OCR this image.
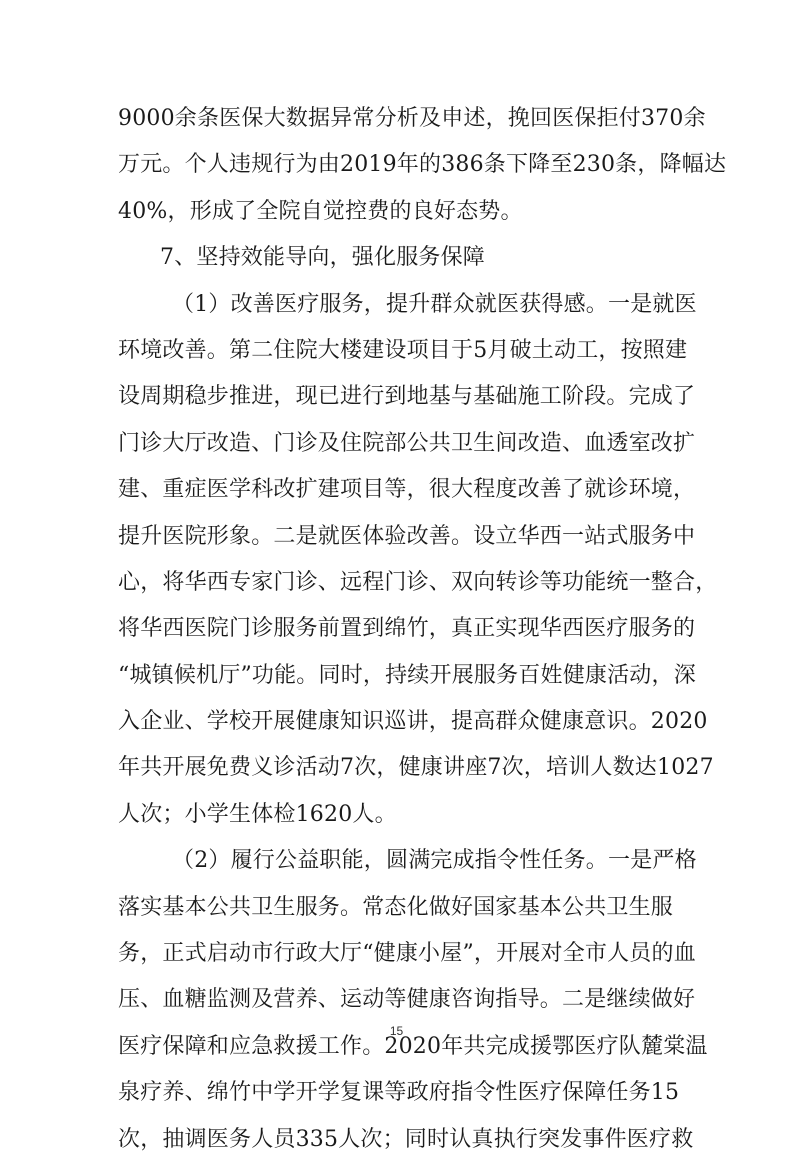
9000余条医保大数据异常分析及申述，挽回医保拒付370余
万元。个人违规行为由2019年的386条下降至230条，降幅达
40%，形成了全院自觉控费的良好态势。
7、坚持效能导向，强化服务保障
（1）改善医疗服务，提升群众就医获得感。一是就医
环境改善。第二住院大楼建设项目于5月破土动工，按照建
设周期稳步推进，现已进行到地基与基础施工阶段。完成了
门诊大厅改造、门诊及住院部公共卫生间改造、血透室改扩
建、重症医学科改扩建项目等，很大程度改善了就诊环境，
提升医院形象。二是就医体验改善。设立华西一站式服务中
心，将华西专家门诊、远程门诊、双向转诊等功能统一整合，
将华西医院门诊服务前置到绵竹，真正实现华西医疗服务的
“城镇候机厅”功能。同时，持续开展服务百姓健康活动，深
入企业、学校开展健康知识巡讲，提高群众健康意识。2020
年共开展免费义诊活动7次，健康讲座7次，培训人数达1027
人次；小学生体检1620人。
（2）履行公益职能，圆满完成指令性任务。一是严格
落实基本公共卫生服务。常态化做好国家基本公共卫生服
务，正式启动市行政大厅“健康小屋”，开展对全市人员的血
压、血糖监测及营养、运动等健康咨询指导。二是继续做好
医疗保障和应急救援工作。2020年共完成援鄂医疗队麓棠温
泉疗养、绵竹中学开学复课等政府指令性医疗保障任务15
次，抽调医务人员335人次；同时认真执行突发事件医疗救
15
